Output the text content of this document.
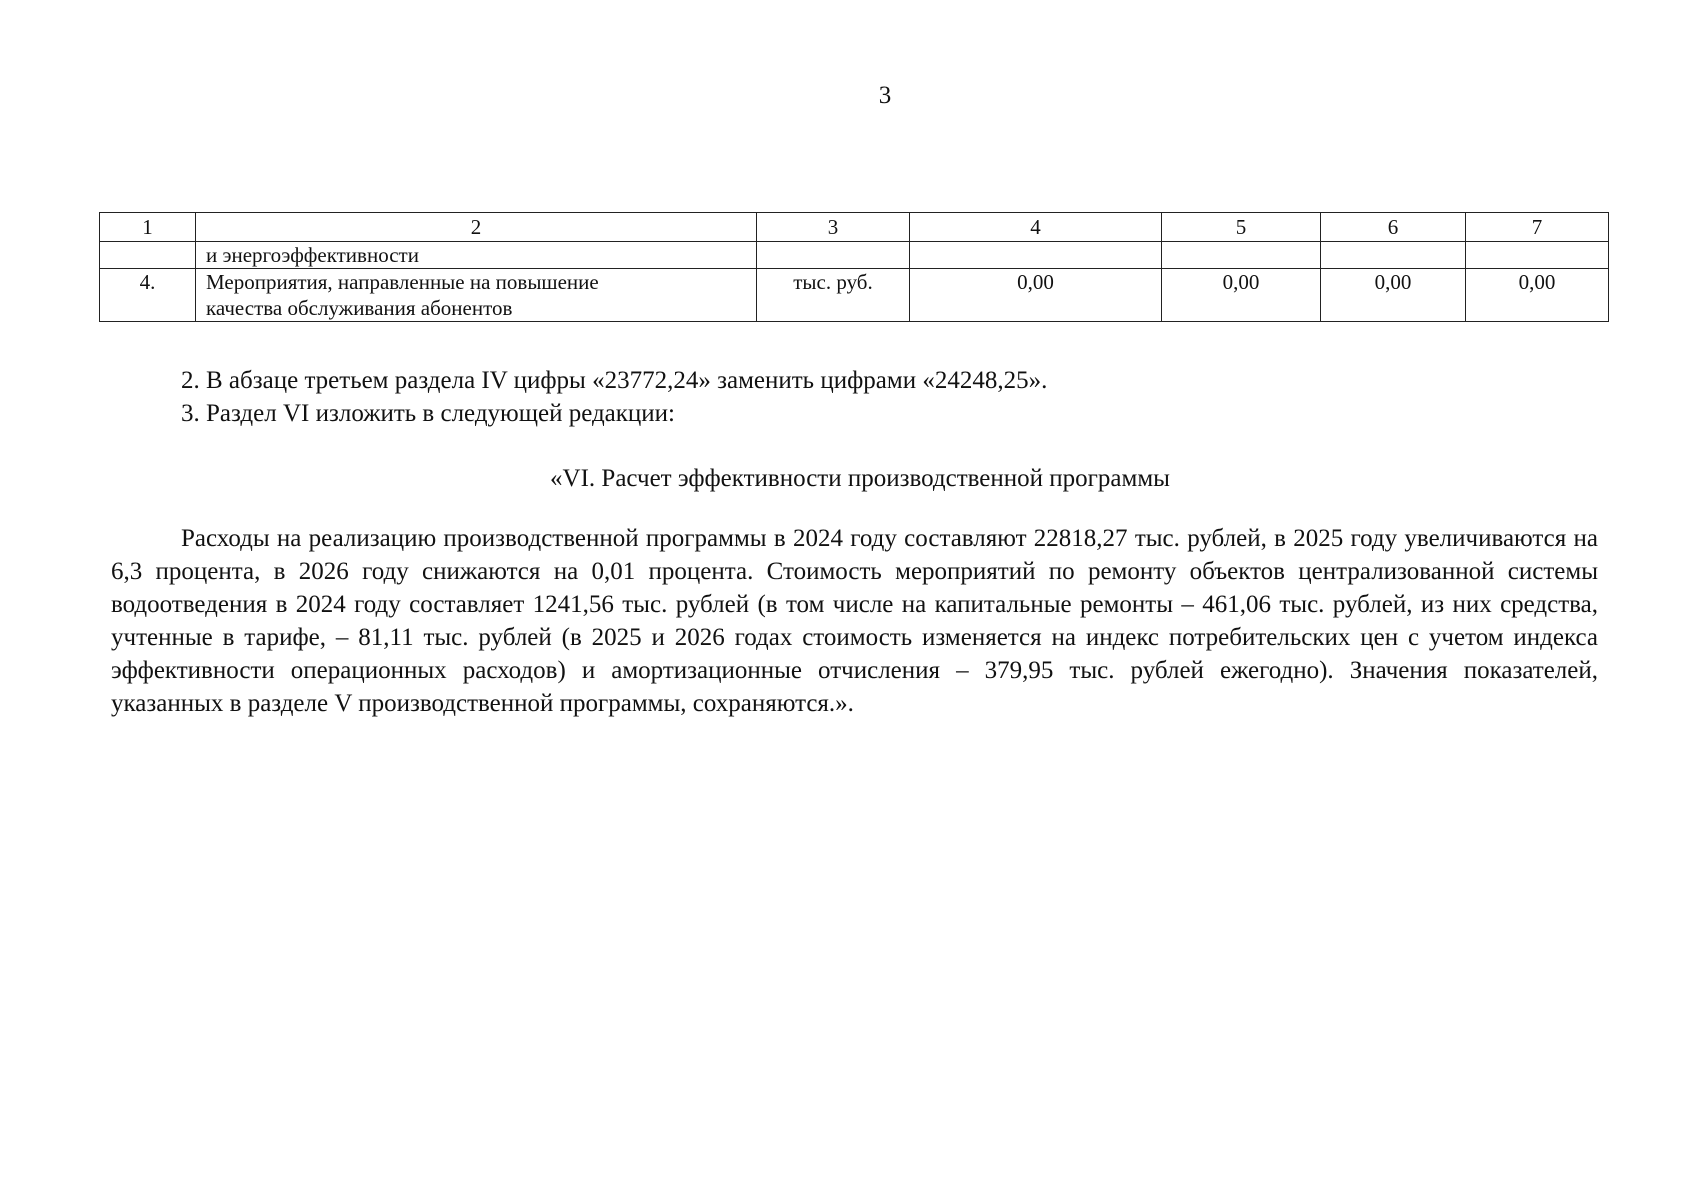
3
1	2	3	4	5	6	7
	и энергоэффективности					
4.	Мероприятия, направленные на повышение
качества обслуживания абонентов	тыс. руб.	0,00	0,00	0,00	0,00
2. В абзаце третьем раздела IV цифры «23772,24» заменить цифрами «24248,25».
3. Раздел VI изложить в следующей редакции:
«VI. Расчет эффективности производственной программы
Расходы на реализацию производственной программы в 2024 году составляют 22818,27 тыс. рублей, в 2025 году увеличиваются на 6,3 процента, в 2026 году снижаются на 0,01 процента. Стоимость мероприятий по ремонту объектов централизованной системы водоотведения в 2024 году составляет 1241,56 тыс. рублей (в том числе на капитальные ремонты – 461,06 тыс. рублей, из них средства, учтенные в тарифе, – 81,11 тыс. рублей (в 2025 и 2026 годах стоимость изменяется на индекс потребительских цен с учетом индекса эффективности операционных расходов) и амортизационные отчисления – 379,95 тыс. рублей ежегодно). Значения показателей, указанных в разделе V производственной программы, сохраняются.».
